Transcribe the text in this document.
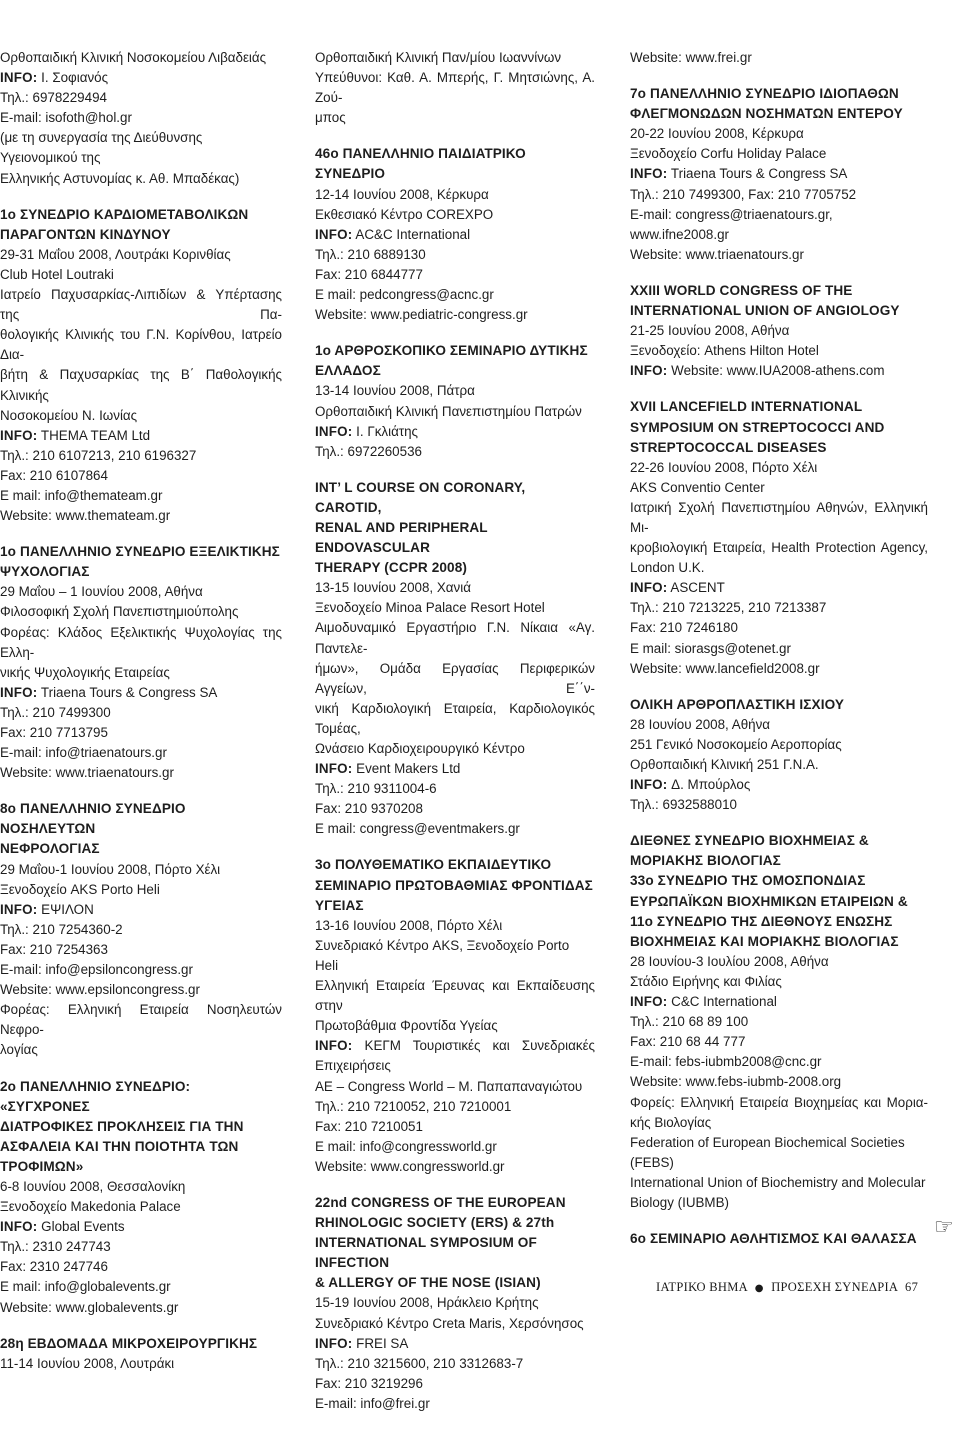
Ορθοπαιδική Κλινική Νοσοκομείου Λιβαδειάς
INFO: Ι. Σοφιανός
Τηλ.: 6978229494
E-mail: isofoth@hol.gr
(με τη συνεργασία της Διεύθυνσης Υγειονομικού της
Ελληνικής Αστυνομίας κ. Αθ. Μπαδέκας)
1ο ΣΥΝΕΔΡΙΟ ΚΑΡΔΙΟΜΕΤΑΒΟΛΙΚΩΝ
ΠΑΡΑΓΟΝΤΩΝ ΚΙΝΔΥΝΟΥ
29-31 Μαΐου 2008, Λουτράκι Κορινθίας
Club Hotel Loutraki
Ιατρείο Παχυσαρκίας-Λιπιδίων & Υπέρτασης της Πα-
θολογικής Κλινικής του Γ.Ν. Κορίνθου, Ιατρείο Δια-
βήτη & Παχυσαρκίας της Β΄ Παθολογικής Κλινικής
Νοσοκομείου Ν. Ιωνίας
INFO: THEMA TEAM Ltd
Τηλ.: 210 6107213, 210 6196327
Fax: 210 6107864
E mail: info@themateam.gr
Website: www.themateam.gr
1ο ΠΑΝΕΛΛΗΝΙΟ ΣΥΝΕΔΡΙΟ ΕΞΕΛΙΚΤΙΚΗΣ
ΨΥΧΟΛΟΓΙΑΣ
29 Μαΐου – 1 Ιουνίου 2008, Αθήνα
Φιλοσοφική Σχολή Πανεπιστημιούπολης
Φορέας: Κλάδος Εξελικτικής Ψυχολογίας της Ελλη-
νικής Ψυχολογικής Εταιρείας
INFO: Triaena Tours & Congress SA
Τηλ.: 210 7499300
Fax: 210 7713795
E-mail: info@triaenatours.gr
Website: www.triaenatours.gr
8ο ΠΑΝΕΛΛΗΝΙΟ ΣΥΝΕΔΡΙΟ ΝΟΣΗΛΕΥΤΩΝ
ΝΕΦΡΟΛΟΓΙΑΣ
29 Μαΐου-1 Ιουνίου 2008, Πόρτο Χέλι
Ξενοδοχείο AKS Porto Heli
INFO: ΕΨΙΛΟΝ
Τηλ.: 210 7254360-2
Fax: 210 7254363
E-mail: info@epsiloncongress.gr
Website: www.epsiloncongress.gr
Φορέας: Ελληνική Εταιρεία Νοσηλευτών Νεφρο-
λογίας
2ο ΠΑΝΕΛΛΗΝΙΟ ΣΥΝΕΔΡΙΟ: «ΣΥΓΧΡΟΝΕΣ
ΔΙΑΤΡΟΦΙΚΕΣ ΠΡΟΚΛΗΣΕΙΣ ΓΙΑ ΤΗΝ
ΑΣΦΑΛΕΙΑ ΚΑΙ ΤΗΝ ΠΟΙΟΤΗΤΑ ΤΩΝ
ΤΡΟΦΙΜΩΝ»
6-8 Ιουνίου 2008, Θεσσαλονίκη
Ξενοδοχείο Makedonia Palace
INFO: Global Events
Τηλ.: 2310 247743
Fax: 2310 247746
E mail: info@globalevents.gr
Website: www.globalevents.gr
28η ΕΒΔΟΜΑΔΑ ΜΙΚΡΟΧΕΙΡΟΥΡΓΙΚΗΣ
11-14 Ιουνίου 2008, Λουτράκι
Ορθοπαιδική Κλινική Παν/μίου Ιωαννίνων
Υπεύθυνοι: Καθ. Α. Μπερής, Γ. Μητσιώνης, Α. Ζού-
μπος
46ο ΠΑΝΕΛΛΗΝΙΟ ΠΑΙΔΙΑΤΡΙΚΟ ΣΥΝΕΔΡΙΟ
12-14 Ιουνίου 2008, Κέρκυρα
Εκθεσιακό Κέντρο COREXPO
INFO: AC&C International
Τηλ.: 210 6889130
Fax: 210 6844777
E mail: pedcongress@acnc.gr
Website: www.pediatric-congress.gr
1ο ΑΡΘΡΟΣΚΟΠΙΚΟ ΣΕΜΙΝΑΡΙΟ ΔΥΤΙΚΗΣ
ΕΛΛΑΔΟΣ
13-14 Ιουνίου 2008, Πάτρα
Ορθοπαιδική Κλινική Πανεπιστημίου Πατρών
INFO: Ι. Γκλιάτης
Τηλ.: 6972260536
INT’ L COURSE ON CORONARY, CAROTID,
RENAL AND PERIPHERAL ENDOVASCULAR
THERAPY (CCPR 2008)
13-15 Ιουνίου 2008, Χανιά
Ξενοδοχείο Minoa Palace Resort Hotel
Αιμοδυναμικό Εργαστήριο Γ.Ν. Νίκαια «Αγ. Παντελε-
ήμων», Ομάδα Εργασίας Περιφερικών Αγγείων, Ε΄΄ν-
νική Καρδιολογική Εταιρεία, Καρδιολογικός Τομέας,
Ωνάσειο Καρδιοχειρουργικό Κέντρο
INFO: Event Makers Ltd
Τηλ.: 210 9311004-6
Fax: 210 9370208
E mail: congress@eventmakers.gr
3ο ΠΟΛΥΘΕΜΑΤΙΚΟ ΕΚΠΑΙΔΕΥΤΙΚΟ
ΣΕΜΙΝΑΡΙΟ ΠΡΩΤΟΒΑΘΜΙΑΣ ΦΡΟΝΤΙΔΑΣ
ΥΓΕΙΑΣ
13-16 Ιουνίου 2008, Πόρτο Χέλι
Συνεδριακό Κέντρο AKS, Ξενοδοχείο Porto Heli
Ελληνική Εταιρεία Έρευνας και Εκπαίδευσης στην
Πρωτοβάθμια Φροντίδα Υγείας
INFO: ΚΕΓΜ Τουριστικές και Συνεδριακές Επιχειρήσεις
ΑΕ – Congress World – Μ. Παπαπαναγιώτου
Τηλ.: 210 7210052, 210 7210001
Fax: 210 7210051
E mail: info@congressworld.gr
Website: www.congressworld.gr
22nd CONGRESS OF THE EUROPEAN
RHINOLOGIC SOCIETY (ERS) & 27th
INTERNATIONAL SYMPOSIUM OF INFECTION
& ALLERGY OF THE NOSE (ISIAN)
15-19 Ιουνίου 2008, Ηράκλειο Κρήτης
Συνεδριακό Κέντρο Creta Maris, Χερσόνησος
INFO: FREI SA
Τηλ.: 210 3215600, 210 3312683-7
Fax: 210 3219296
E-mail: info@frei.gr
Website: www.frei.gr
7ο ΠΑΝΕΛΛΗΝΙΟ ΣΥΝΕΔΡΙΟ ΙΔΙΟΠΑΘΩΝ
ΦΛΕΓΜΟΝΩΔΩΝ ΝΟΣΗΜΑΤΩΝ ΕΝΤΕΡΟΥ
20-22 Ιουνίου 2008, Κέρκυρα
Ξενοδοχείο Corfu Holiday Palace
INFO: Triaena Tours & Congress SA
Τηλ.: 210 7499300, Fax: 210 7705752
E-mail: congress@triaenatours.gr, www.ifne2008.gr
Website: www.triaenatours.gr
XXIII WORLD CONGRESS OF THE
INTERNATIONAL UNION OF ANGIOLOGY
21-25 Ιουνίου 2008, Αθήνα
Ξενοδοχείο: Athens Hilton Hotel
INFO: Website: www.IUA2008-athens.com
XVII LANCEFIELD INTERNATIONAL
SYMPOSIUM ON STREPTOCOCCI AND
STREPTOCOCCAL DISEASES
22-26 Ιουνίου 2008, Πόρτο Χέλι
AKS Conventio Center
Ιατρική Σχολή Πανεπιστημίου Αθηνών, Ελληνική Μι-
κροβιολογική Εταιρεία, Health Protection Agency,
London U.K.
INFO: ASCENT
Τηλ.: 210 7213225, 210 7213387
Fax: 210 7246180
E mail: siorasgs@otenet.gr
Website: www.lancefield2008.gr
ΟΛΙΚΗ ΑΡΘΡΟΠΛΑΣΤΙΚΗ ΙΣΧΙΟΥ
28 Ιουνίου 2008, Αθήνα
251 Γενικό Νοσοκομείο Αεροπορίας
Ορθοπαιδική Κλινική 251 Γ.Ν.Α.
INFO: Δ. Μπούρλος
Τηλ.: 6932588010
ΔΙΕΘΝΕΣ ΣΥΝΕΔΡΙΟ ΒΙΟΧΗΜΕΙΑΣ &
ΜΟΡΙΑΚΗΣ ΒΙΟΛΟΓΙΑΣ
33ο ΣΥΝΕΔΡΙΟ ΤΗΣ ΟΜΟΣΠΟΝΔΙΑΣ
ΕΥΡΩΠΑΪΚΩΝ ΒΙΟΧΗΜΙΚΩΝ ΕΤΑΙΡΕΙΩΝ &
11ο ΣΥΝΕΔΡΙΟ ΤΗΣ ΔΙΕΘΝΟΥΣ ΕΝΩΣΗΣ
ΒΙΟΧΗΜΕΙΑΣ ΚΑΙ ΜΟΡΙΑΚΗΣ ΒΙΟΛΟΓΙΑΣ
28 Ιουνίου-3 Ιουλίου 2008, Αθήνα
Στάδιο Ειρήνης και Φιλίας
INFO: C&C International
Τηλ.: 210 68 89 100
Fax: 210 68 44 777
E-mail: febs-iubmb2008@cnc.gr
Website: www.febs-iubmb-2008.org
Φορείς: Ελληνική Εταιρεία Βιοχημείας και Μορια-
κής Βιολογίας
Federation of European Biochemical Societies (FEBS)
International Union of Biochemistry and Molecular
Biology (IUBMB)
6ο ΣΕΜΙΝΑΡΙΟ ΑΘΛΗΤΙΣΜΟΣ ΚΑΙ ΘΑΛΑΣΣΑ ☞
ΙΑΤΡΙΚΟ ΒΗΜΑ ● ΠΡΟΣΕΧΗ ΣΥΝΕΔΡΙΑ 67
